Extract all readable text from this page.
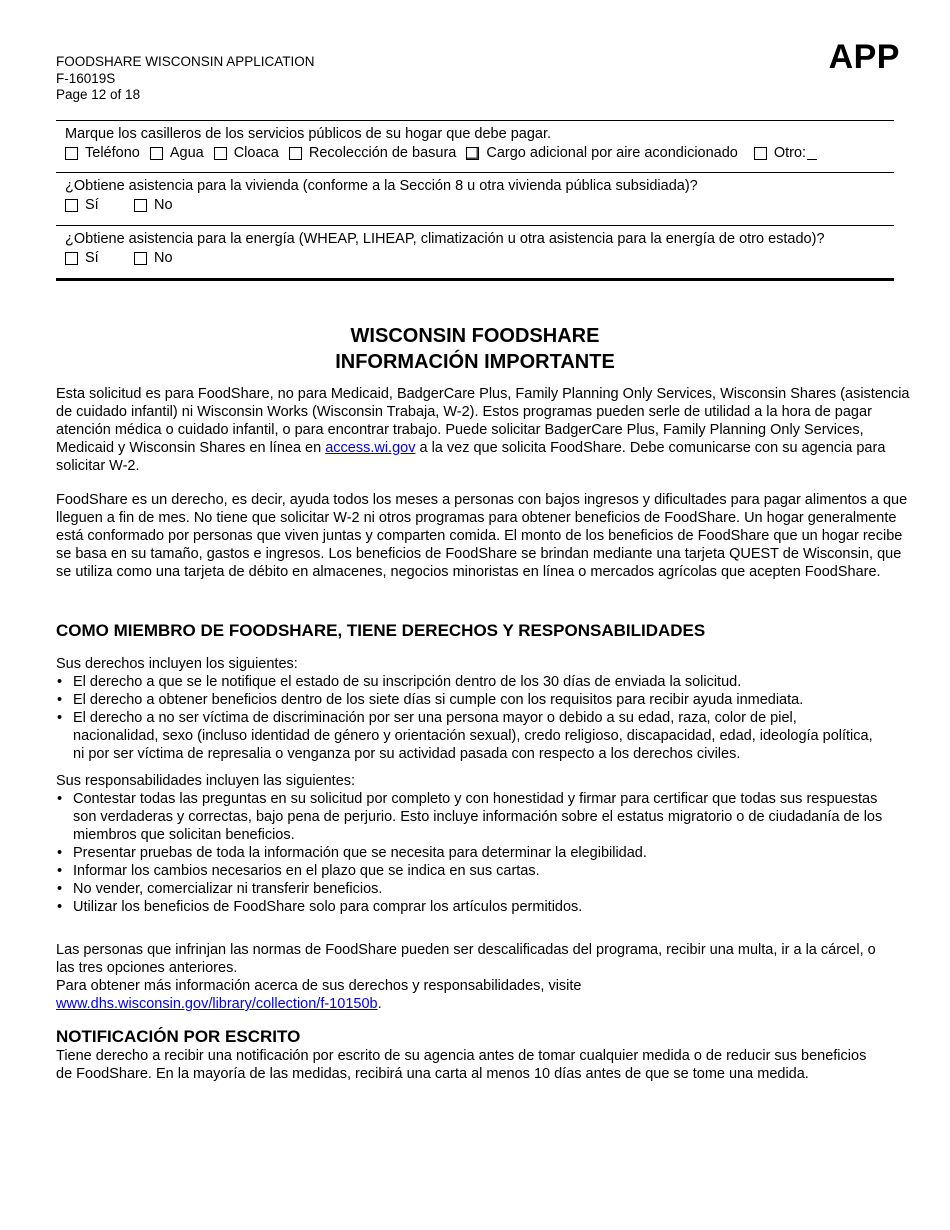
FOODSHARE WISCONSIN APPLICATION
F-16019S
Page 12 of 18
APP
Marque los casilleros de los servicios públicos de su hogar que debe pagar.
Teléfono Agua Cloaca Recolección de basura Cargo adicional por aire acondicionado Otro:
¿Obtiene asistencia para la vivienda (conforme a la Sección 8 u otra vivienda pública subsidiada)?
Sí	No
¿Obtiene asistencia para la energía (WHEAP, LIHEAP, climatización u otra asistencia para la energía de otro estado)?
Sí	No
WISCONSIN FOODSHARE
INFORMACIÓN IMPORTANTE
Esta solicitud es para FoodShare, no para Medicaid, BadgerCare Plus, Family Planning Only Services, Wisconsin Shares (asistencia de cuidado infantil) ni Wisconsin Works (Wisconsin Trabaja, W-2). Estos programas pueden serle de utilidad a la hora de pagar atención médica o cuidado infantil, o para encontrar trabajo. Puede solicitar BadgerCare Plus, Family Planning Only Services, Medicaid y Wisconsin Shares en línea en access.wi.gov a la vez que solicita FoodShare. Debe comunicarse con su agencia para solicitar W-2.
FoodShare es un derecho, es decir, ayuda todos los meses a personas con bajos ingresos y dificultades para pagar alimentos a que lleguen a fin de mes. No tiene que solicitar W-2 ni otros programas para obtener beneficios de FoodShare. Un hogar generalmente está conformado por personas que viven juntas y comparten comida. El monto de los beneficios de FoodShare que un hogar recibe se basa en su tamaño, gastos e ingresos. Los beneficios de FoodShare se brindan mediante una tarjeta QUEST de Wisconsin, que se utiliza como una tarjeta de débito en almacenes, negocios minoristas en línea o mercados agrícolas que acepten FoodShare.
COMO MIEMBRO DE FOODSHARE, TIENE DERECHOS Y RESPONSABILIDADES
Sus derechos incluyen los siguientes:
• El derecho a que se le notifique el estado de su inscripción dentro de los 30 días de enviada la solicitud.
• El derecho a obtener beneficios dentro de los siete días si cumple con los requisitos para recibir ayuda inmediata.
• El derecho a no ser víctima de discriminación por ser una persona mayor o debido a su edad, raza, color de piel, nacionalidad, sexo (incluso identidad de género y orientación sexual), credo religioso, discapacidad, edad, ideología política, ni por ser víctima de represalia o venganza por su actividad pasada con respecto a los derechos civiles.
Sus responsabilidades incluyen las siguientes:
• Contestar todas las preguntas en su solicitud por completo y con honestidad y firmar para certificar que todas sus respuestas son verdaderas y correctas, bajo pena de perjurio. Esto incluye información sobre el estatus migratorio o de ciudadanía de los miembros que solicitan beneficios.
• Presentar pruebas de toda la información que se necesita para determinar la elegibilidad.
• Informar los cambios necesarios en el plazo que se indica en sus cartas.
• No vender, comercializar ni transferir beneficios.
• Utilizar los beneficios de FoodShare solo para comprar los artículos permitidos.
Las personas que infrinjan las normas de FoodShare pueden ser descalificadas del programa, recibir una multa, ir a la cárcel, o las tres opciones anteriores.
Para obtener más información acerca de sus derechos y responsabilidades, visite
www.dhs.wisconsin.gov/library/collection/f-10150b.
NOTIFICACIÓN POR ESCRITO
Tiene derecho a recibir una notificación por escrito de su agencia antes de tomar cualquier medida o de reducir sus beneficios de FoodShare. En la mayoría de las medidas, recibirá una carta al menos 10 días antes de que se tome una medida.
